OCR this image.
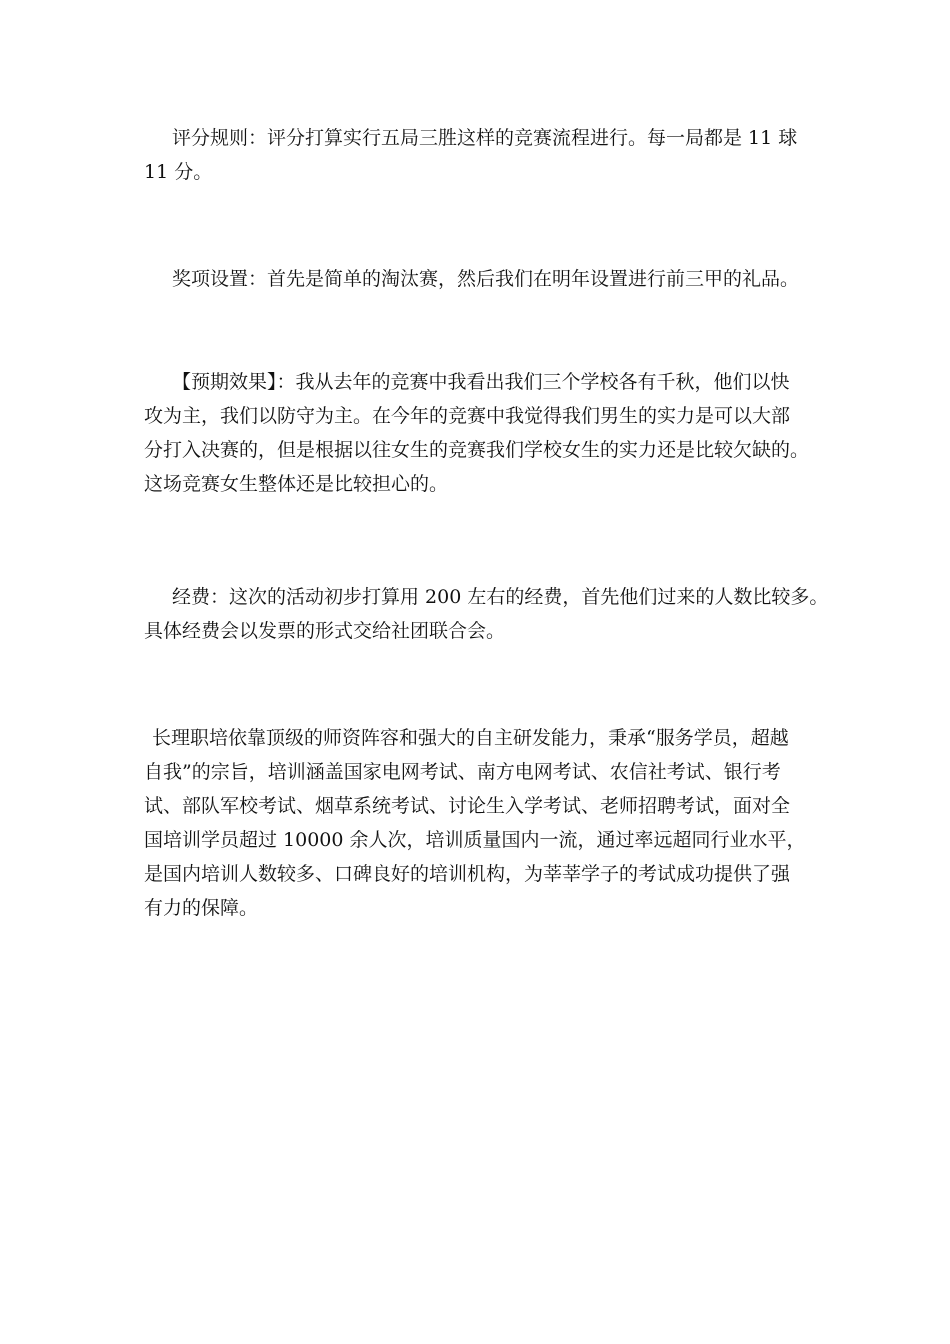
评分规则：评分打算实行五局三胜这样的竞赛流程进行。每一局都是 11 球
11 分。
奖项设置：首先是简单的淘汰赛，然后我们在明年设置进行前三甲的礼品。
【预期效果】：我从去年的竞赛中我看出我们三个学校各有千秋，他们以快
攻为主，我们以防守为主。在今年的竞赛中我觉得我们男生的实力是可以大部
分打入决赛的，但是根据以往女生的竞赛我们学校女生的实力还是比较欠缺的。
这场竞赛女生整体还是比较担心的。
经费：这次的活动初步打算用 200 左右的经费，首先他们过来的人数比较多。
具体经费会以发票的形式交给社团联合会。
长理职培依靠顶级的师资阵容和强大的自主研发能力，秉承“服务学员，超越
自我”的宗旨，培训涵盖国家电网考试、南方电网考试、农信社考试、银行考
试、部队军校考试、烟草系统考试、讨论生入学考试、老师招聘考试，面对全
国培训学员超过 10000 余人次，培训质量国内一流，通过率远超同行业水平，
是国内培训人数较多、口碑良好的培训机构，为莘莘学子的考试成功提供了强
有力的保障。
